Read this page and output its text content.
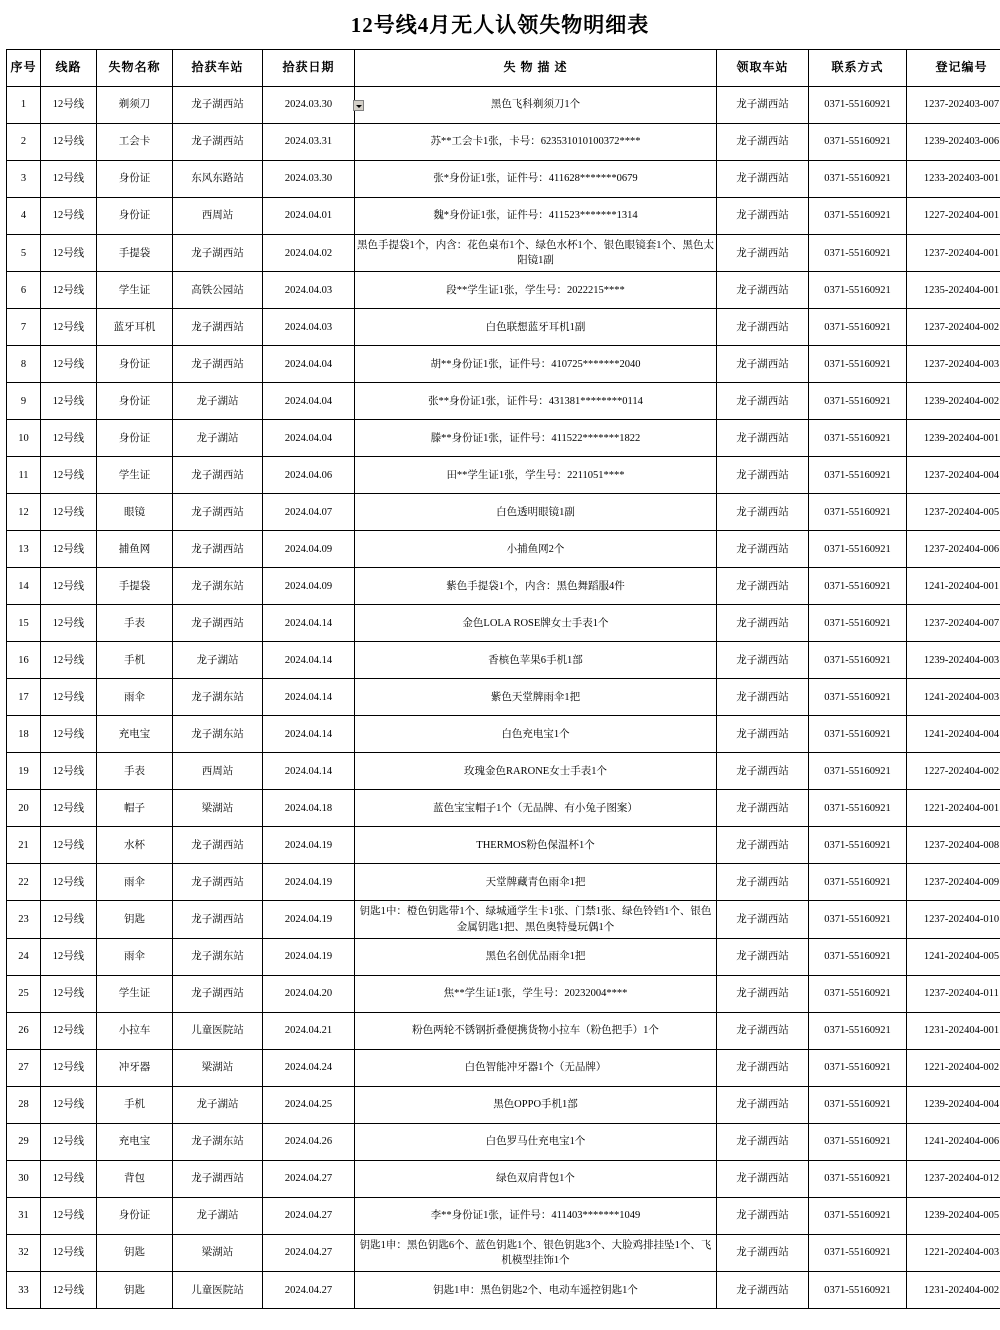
12号线4月无人认领失物明细表
序号	线路	失物名称	拾获车站	拾获日期	失 物 描 述	领取车站	联系方式	登记编号
1	12号线	剃须刀	龙子湖西站	2024.03.30	黑色飞科剃须刀1个	龙子湖西站	0371-55160921	1237-202403-007
2	12号线	工会卡	龙子湖西站	2024.03.31	苏**工会卡1张，卡号：623531010100372****	龙子湖西站	0371-55160921	1239-202403-006
3	12号线	身份证	东风东路站	2024.03.30	张*身份证1张，证件号：411628*******0679	龙子湖西站	0371-55160921	1233-202403-001
4	12号线	身份证	西周站	2024.04.01	魏*身份证1张，证件号：411523*******1314	龙子湖西站	0371-55160921	1227-202404-001
5	12号线	手提袋	龙子湖西站	2024.04.02	黑色手提袋1个，内含：花色桌布1个、绿色水杯1个、银色眼镜套1个、黑色太阳镜1副	龙子湖西站	0371-55160921	1237-202404-001
6	12号线	学生证	高铁公园站	2024.04.03	段**学生证1张，学生号：2022215****	龙子湖西站	0371-55160921	1235-202404-001
7	12号线	蓝牙耳机	龙子湖西站	2024.04.03	白色联想蓝牙耳机1副	龙子湖西站	0371-55160921	1237-202404-002
8	12号线	身份证	龙子湖西站	2024.04.04	胡**身份证1张，证件号：410725*******2040	龙子湖西站	0371-55160921	1237-202404-003
9	12号线	身份证	龙子湖站	2024.04.04	张**身份证1张，证件号：431381********0114	龙子湖西站	0371-55160921	1239-202404-002
10	12号线	身份证	龙子湖站	2024.04.04	滕**身份证1张，证件号：411522*******1822	龙子湖西站	0371-55160921	1239-202404-001
11	12号线	学生证	龙子湖西站	2024.04.06	田**学生证1张，学生号：2211051****	龙子湖西站	0371-55160921	1237-202404-004
12	12号线	眼镜	龙子湖西站	2024.04.07	白色透明眼镜1副	龙子湖西站	0371-55160921	1237-202404-005
13	12号线	捕鱼网	龙子湖西站	2024.04.09	小捕鱼网2个	龙子湖西站	0371-55160921	1237-202404-006
14	12号线	手提袋	龙子湖东站	2024.04.09	紫色手提袋1个，内含：黑色舞蹈服4件	龙子湖西站	0371-55160921	1241-202404-001
15	12号线	手表	龙子湖西站	2024.04.14	金色LOLA ROSE牌女士手表1个	龙子湖西站	0371-55160921	1237-202404-007
16	12号线	手机	龙子湖站	2024.04.14	香槟色苹果6手机1部	龙子湖西站	0371-55160921	1239-202404-003
17	12号线	雨伞	龙子湖东站	2024.04.14	紫色天堂牌雨伞1把	龙子湖西站	0371-55160921	1241-202404-003
18	12号线	充电宝	龙子湖东站	2024.04.14	白色充电宝1个	龙子湖西站	0371-55160921	1241-202404-004
19	12号线	手表	西周站	2024.04.14	玫瑰金色RARONE女士手表1个	龙子湖西站	0371-55160921	1227-202404-002
20	12号线	帽子	梁湖站	2024.04.18	蓝色宝宝帽子1个（无品牌、有小兔子图案）	龙子湖西站	0371-55160921	1221-202404-001
21	12号线	水杯	龙子湖西站	2024.04.19	THERMOS粉色保温杯1个	龙子湖西站	0371-55160921	1237-202404-008
22	12号线	雨伞	龙子湖西站	2024.04.19	天堂牌藏青色雨伞1把	龙子湖西站	0371-55160921	1237-202404-009
23	12号线	钥匙	龙子湖西站	2024.04.19	钥匙1中：橙色钥匙带1个、绿城通学生卡1张、门禁1张、绿色铃铛1个、银色金属钥匙1把、黑色奥特曼玩偶1个	龙子湖西站	0371-55160921	1237-202404-010
24	12号线	雨伞	龙子湖东站	2024.04.19	黑色名创优品雨伞1把	龙子湖西站	0371-55160921	1241-202404-005
25	12号线	学生证	龙子湖西站	2024.04.20	焦**学生证1张，学生号：20232004****	龙子湖西站	0371-55160921	1237-202404-011
26	12号线	小拉车	儿童医院站	2024.04.21	粉色两轮不锈钢折叠便携货物小拉车（粉色把手）1个	龙子湖西站	0371-55160921	1231-202404-001
27	12号线	冲牙器	梁湖站	2024.04.24	白色智能冲牙器1个（无品牌）	龙子湖西站	0371-55160921	1221-202404-002
28	12号线	手机	龙子湖站	2024.04.25	黑色OPPO手机1部	龙子湖西站	0371-55160921	1239-202404-004
29	12号线	充电宝	龙子湖东站	2024.04.26	白色罗马仕充电宝1个	龙子湖西站	0371-55160921	1241-202404-006
30	12号线	背包	龙子湖西站	2024.04.27	绿色双肩背包1个	龙子湖西站	0371-55160921	1237-202404-012
31	12号线	身份证	龙子湖站	2024.04.27	李**身份证1张，证件号：411403*******1049	龙子湖西站	0371-55160921	1239-202404-005
32	12号线	钥匙	梁湖站	2024.04.27	钥匙1申：黑色钥匙6个、蓝色钥匙1个、银色钥匙3个、大脸鸡排挂坠1个、飞机模型挂饰1个	龙子湖西站	0371-55160921	1221-202404-003
33	12号线	钥匙	儿童医院站	2024.04.27	钥匙1申：黑色钥匙2个、电动车遥控钥匙1个	龙子湖西站	0371-55160921	1231-202404-002
